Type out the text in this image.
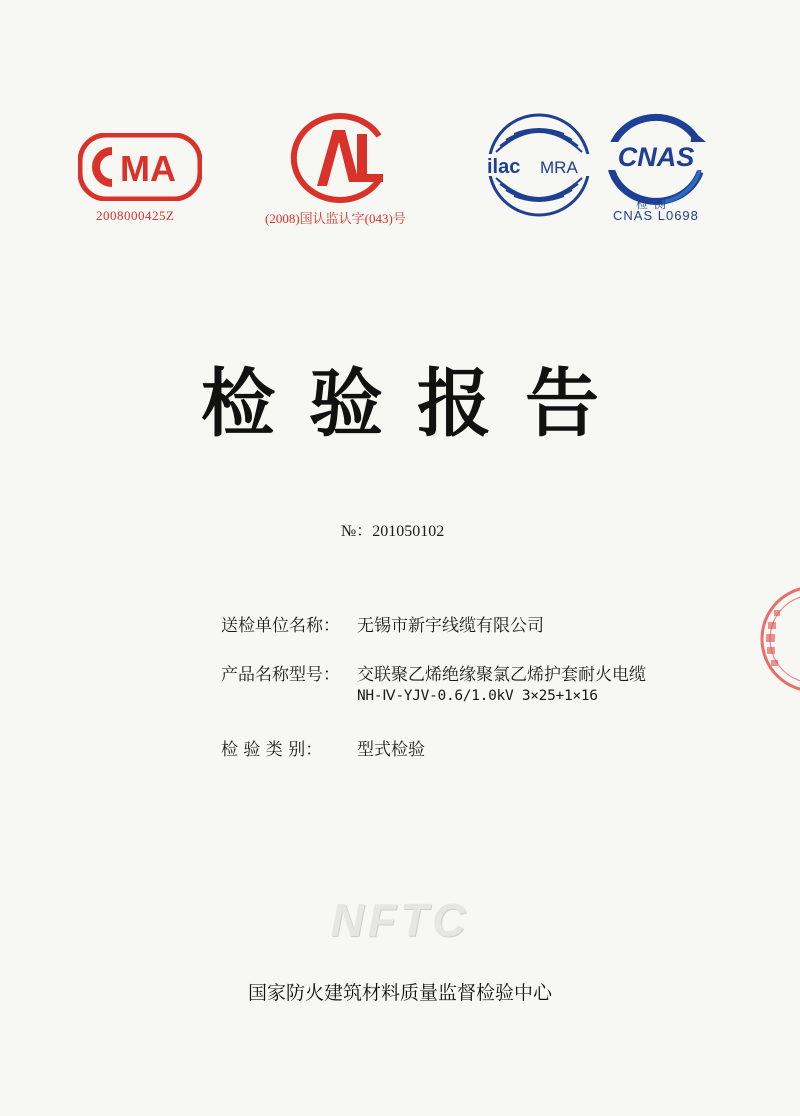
MA
2008000425Z	(2008)国认监认字(043)号
ilac MRA CNAS
检  测
CNAS L0698
检验报告
№：201050102
送检单位名称： 无锡市新宇线缆有限公司
产品名称型号： 交联聚乙烯绝缘聚氯乙烯护套耐火电缆
NH-Ⅳ-YJV-0.6/1.0kV 3×25+1×16
检 验 类 别： 型式检验
NFTC
国家防火建筑材料质量监督检验中心
